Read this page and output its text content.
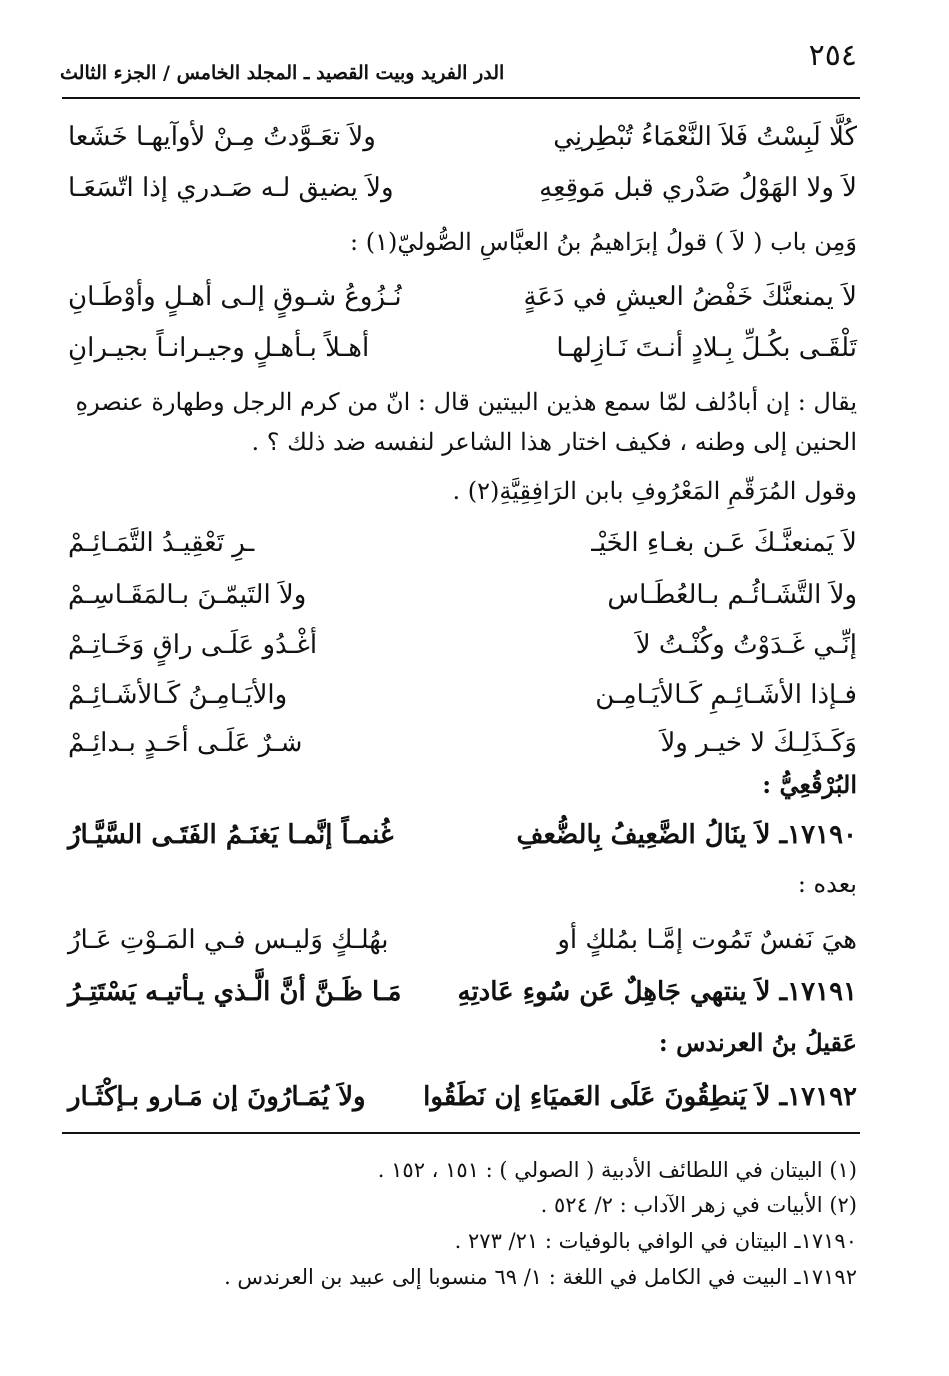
٢٥٤
الدر الفريد وبيت القصيد ـ المجلد الخامس / الجزء الثالث
كُلَّا لَبِسْتُ فَلاَ النَّعْمَاءُ تُبْطِرنِي
ولاَ تعَـوَّدتُ مِـنْ لأوآيهـا خَشَعا
لاَ ولا الهَوْلُ صَدْري قبل مَوقِعِهِ
ولاَ يضيق لـه صَـدري إذا اتّسَعَـا
وَمِن باب ( لاَ ) قولُ إبرَاهيمُ بنُ العبَّاسِ الصُّوليّ(١) :
لاَ يمنعنَّكَ خَفْضُ العيشِ في دَعَةٍ
نُـزُوعُ شـوقٍ إلـى أهـلٍ وأوْطَـانِ
تَلْقَـى بكُـلِّ بِـلادٍ أنـتَ نَـازِلهـا
أهـلاً بـأهـلٍ وجيـرانـاً بجيـرانِ
يقال : إن أبادُلف لمّا سمع هذين البيتين قال : انّ من كرم الرجل وطهارة عنصرهِ
الحنين إلى وطنه ، فكيف اختار هذا الشاعر لنفسه ضد ذلك ؟ .
وقول المُرَقّمِ المَعْرُوفِ بابن الرَافِقِيَّةِ(٢) .
لاَ يَمنعنَّـكَ عَـن بغـاءِ الخَيْـ
ـرِ تَعْقِيـدُ التَّمَـائِـمْ
ولاَ التَّشَـائُـم بـالعُطَـاس
ولاَ التَيمّـنَ بـالمَقَـاسِـمْ
إنِّـي غَـدَوْتُ وكُنْـتُ لاَ
أغْـدُو عَلَـى راقٍ وَخَـاتِـمْ
فـإذا الأشَـائِـمِ كَـالأيَـامِـن
والأيَـامِـنُ كَـالأشَـائِـمْ
وَكَـذَلِـكَ لا خيـر ولاَ
شـرٌ عَلَـى أحَـدٍ بـدائِـمْ
البُرْقُعِيُّ :
١٧١٩٠ـ لاَ ينَالُ الضَّعِيفُ بِالضُّعفِ
غُنمـاً إنَّمـا يَغنَـمُ الفَتَـى السَّيَّـارُ
بعده :
هيَ نَفسٌ تَمُوت إمَّـا بمُلكٍ أو
بهُلـكٍ وَليـس فـي المَـوْتِ عَـارُ
١٧١٩١ـ لاَ ينتهي جَاهِلٌ عَن سُوءِ عَادتِهِ
مَـا ظَـنَّ أنَّ الَّـذي يـأتيـه يَسْتَتِـرُ
عَقيلُ بنُ العرندس :
١٧١٩٢ـ لاَ يَنطِقُونَ عَلَى العَميَاءِ إن نَطَقُوا
ولاَ يُمَـارُونَ إن مَـارو بـإكْثَـار
(١) البيتان في اللطائف الأدبية ( الصولي ) : ١٥١ ، ١٥٢ .
(٢) الأبيات في زهر الآداب : ٢/ ٥٢٤ .
١٧١٩٠ـ البيتان في الوافي بالوفيات : ٢١/ ٢٧٣ .
١٧١٩٢ـ البيت في الكامل في اللغة : ١/ ٦٩ منسوبا إلى عبيد بن العرندس .
